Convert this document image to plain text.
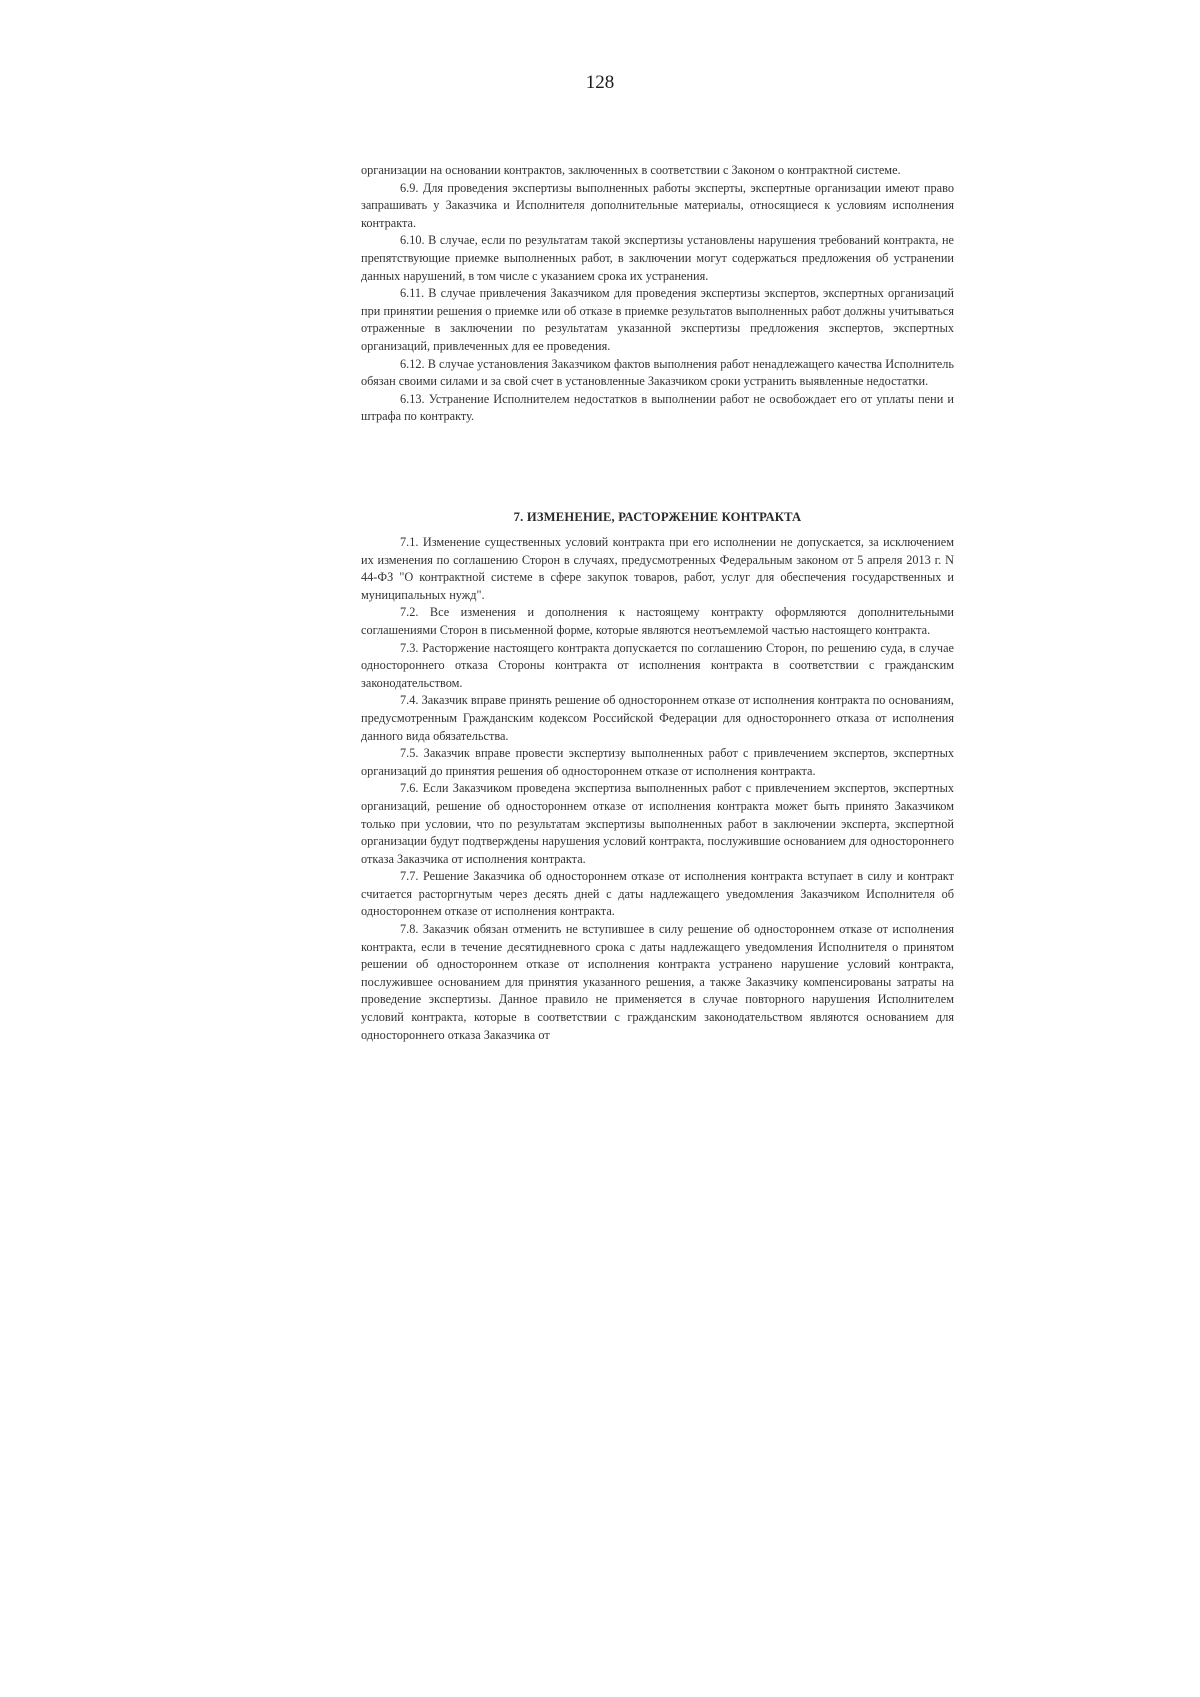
128

организации на основании контрактов, заключенных в соответствии с Законом о контрактной системе.

6.9. Для проведения экспертизы выполненных работы эксперты, экспертные организации имеют право запрашивать у Заказчика и Исполнителя дополнительные материалы, относящиеся к условиям исполнения контракта.

6.10. В случае, если по результатам такой экспертизы установлены нарушения требований контракта, не препятствующие приемке выполненных работ, в заключении могут содержаться предложения об устранении данных нарушений, в том числе с указанием срока их устранения.

6.11. В случае привлечения Заказчиком для проведения экспертизы экспертов, экспертных организаций при принятии решения о приемке или об отказе в приемке результатов выполненных работ должны учитываться отраженные в заключении по результатам указанной экспертизы предложения экспертов, экспертных организаций, привлеченных для ее проведения.

6.12. В случае установления Заказчиком фактов выполнения работ ненадлежащего качества Исполнитель обязан своими силами и за свой счет в установленные Заказчиком сроки устранить выявленные недостатки.

6.13. Устранение Исполнителем недостатков в выполнении работ не освобождает его от уплаты пени и штрафа по контракту.

7. ИЗМЕНЕНИЕ, РАСТОРЖЕНИЕ КОНТРАКТА

7.1. Изменение существенных условий контракта при его исполнении не допускается, за исключением их изменения по соглашению Сторон в случаях, предусмотренных Федеральным законом от 5 апреля 2013 г. N 44-ФЗ "О контрактной системе в сфере закупок товаров, работ, услуг для обеспечения государственных и муниципальных нужд".

7.2. Все изменения и дополнения к настоящему контракту оформляются дополнительными соглашениями Сторон в письменной форме, которые являются неотъемлемой частью настоящего контракта.

7.3. Расторжение настоящего контракта допускается по соглашению Сторон, по решению суда, в случае одностороннего отказа Стороны контракта от исполнения контракта в соответствии с гражданским законодательством.

7.4. Заказчик вправе принять решение об одностороннем отказе от исполнения контракта по основаниям, предусмотренным Гражданским кодексом Российской Федерации для одностороннего отказа от исполнения данного вида обязательства.

7.5. Заказчик вправе провести экспертизу выполненных работ с привлечением экспертов, экспертных организаций до принятия решения об одностороннем отказе от исполнения контракта.

7.6. Если Заказчиком проведена экспертиза выполненных работ с привлечением экспертов, экспертных организаций, решение об одностороннем отказе от исполнения контракта может быть принято Заказчиком только при условии, что по результатам экспертизы выполненных работ в заключении эксперта, экспертной организации будут подтверждены нарушения условий контракта, послужившие основанием для одностороннего отказа Заказчика от исполнения контракта.

7.7. Решение Заказчика об одностороннем отказе от исполнения контракта вступает в силу и контракт считается расторгнутым через десять дней с даты надлежащего уведомления Заказчиком Исполнителя об одностороннем отказе от исполнения контракта.

7.8. Заказчик обязан отменить не вступившее в силу решение об одностороннем отказе от исполнения контракта, если в течение десятидневного срока с даты надлежащего уведомления Исполнителя о принятом решении об одностороннем отказе от исполнения контракта устранено нарушение условий контракта, послужившее основанием для принятия указанного решения, а также Заказчику компенсированы затраты на проведение экспертизы. Данное правило не применяется в случае повторного нарушения Исполнителем условий контракта, которые в соответствии с гражданским законодательством являются основанием для одностороннего отказа Заказчика от
